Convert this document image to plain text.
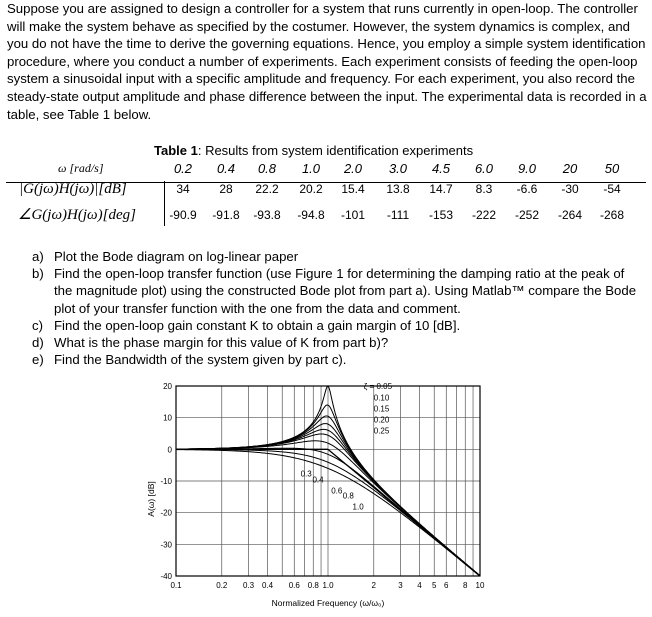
Suppose you are assigned to design a controller for a system that runs currently in open-loop. The controller will make the system behave as specified by the costumer. However, the system dynamics is complex, and you do not have the time to derive the governing equations. Hence, you employ a simple system identification procedure, where you conduct a number of experiments. Each experiment consists of feeding the open-loop system a sinusoidal input with a specific amplitude and frequency. For each experiment, you also record the steady-state output amplitude and phase difference between the input. The experimental data is recorded in a table, see Table 1 below.

Table 1: Results from system identification experiments

ω [rad/s]	0.2	0.4	0.8	1.0	2.0	3.0	4.5	6.0	9.0	20	50
|G(jω)H(jω)|[dB]	34	28	22.2	20.2	15.4	13.8	14.7	8.3	-6.6	-30	-54
∠G(jω)H(jω)[deg]	-90.9	-91.8	-93.8	-94.8	-101	-111	-153	-222	-252	-264	-268
a) Plot the Bode diagram on log-linear paper
b) Find the open-loop transfer function (use Figure 1 for determining the damping ratio at the peak of the magnitude plot) using the constructed Bode plot from part a). Using Matlab™ compare the Bode plot of your transfer function with the one from the data and comment.
c) Find the open-loop gain constant K to obtain a gain margin of 10 [dB].
d) What is the phase margin for this value of K from part b)?
e) Find the Bandwidth of the system given by part c).
0.1	0.2 0.3 0.4 0.6 0.8 1.0	2	3 4 5 6 8 10
20
10
0
-10
-20
-30
-40
Normalized Frequency (ω/ω₀)
A(ω) [dB]
ζ = 0.05
0.10
0.15
0.20
0.25
0.3
0.4
0.6
0.8
1.0
